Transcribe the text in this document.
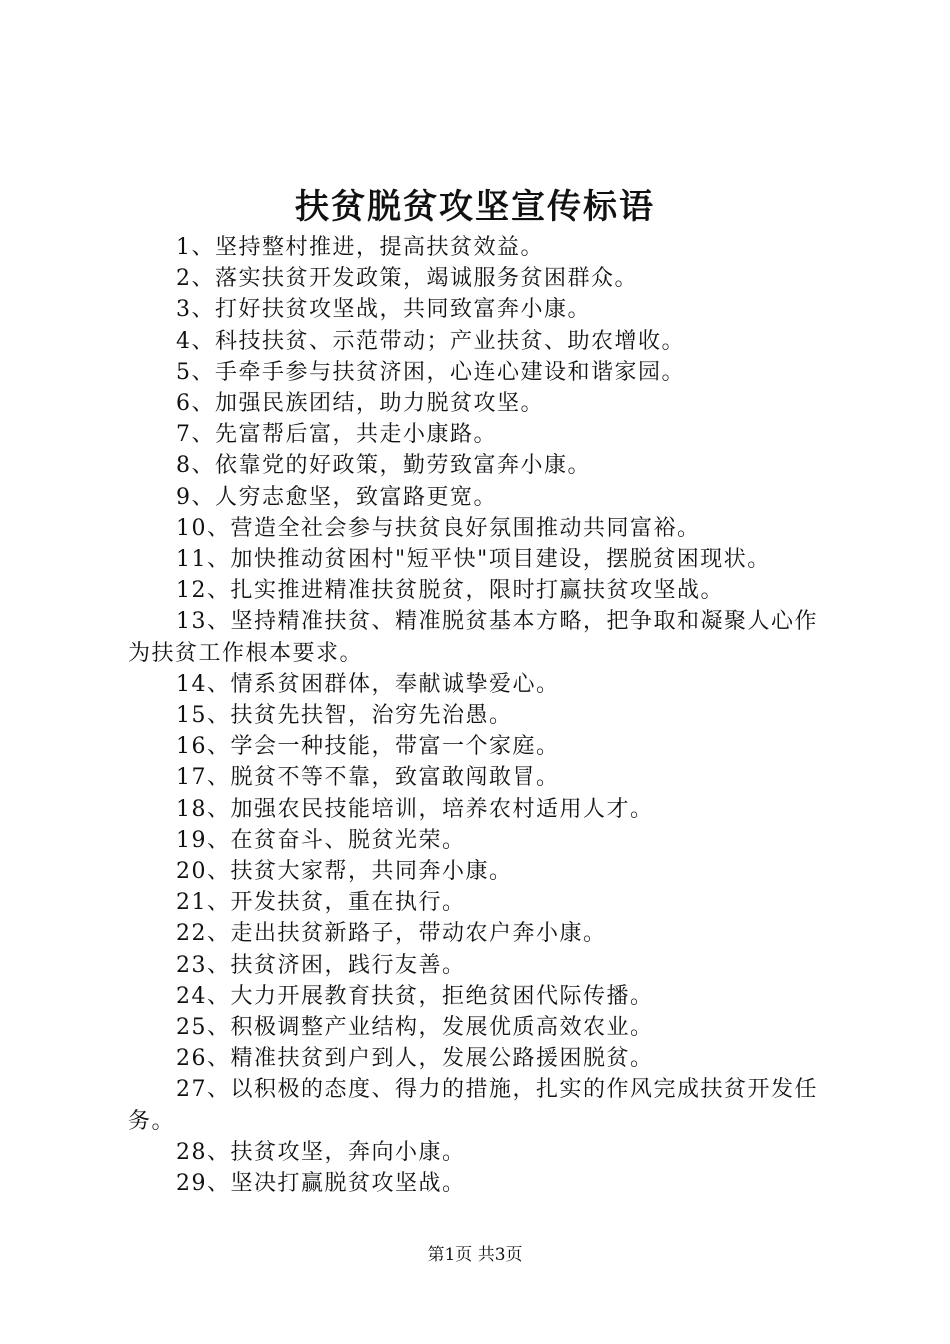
扶贫脱贫攻坚宣传标语
1、坚持整村推进，提高扶贫效益。
2、落实扶贫开发政策，竭诚服务贫困群众。
3、打好扶贫攻坚战，共同致富奔小康。
4、科技扶贫、示范带动；产业扶贫、助农增收。
5、手牵手参与扶贫济困，心连心建设和谐家园。
6、加强民族团结，助力脱贫攻坚。
7、先富帮后富，共走小康路。
8、依靠党的好政策，勤劳致富奔小康。
9、人穷志愈坚，致富路更宽。
10、营造全社会参与扶贫良好氛围推动共同富裕。
11、加快推动贫困村"短平快"项目建设，摆脱贫困现状。
12、扎实推进精准扶贫脱贫，限时打赢扶贫攻坚战。
13、坚持精准扶贫、精准脱贫基本方略，把争取和凝聚人心作为扶贫工作根本要求。
14、情系贫困群体，奉献诚挚爱心。
15、扶贫先扶智，治穷先治愚。
16、学会一种技能，带富一个家庭。
17、脱贫不等不靠，致富敢闯敢冒。
18、加强农民技能培训，培养农村适用人才。
19、在贫奋斗、脱贫光荣。
20、扶贫大家帮，共同奔小康。
21、开发扶贫，重在执行。
22、走出扶贫新路子，带动农户奔小康。
23、扶贫济困，践行友善。
24、大力开展教育扶贫，拒绝贫困代际传播。
25、积极调整产业结构，发展优质高效农业。
26、精准扶贫到户到人，发展公路援困脱贫。
27、以积极的态度、得力的措施，扎实的作风完成扶贫开发任务。
28、扶贫攻坚，奔向小康。
29、坚决打赢脱贫攻坚战。
第1页 共3页
